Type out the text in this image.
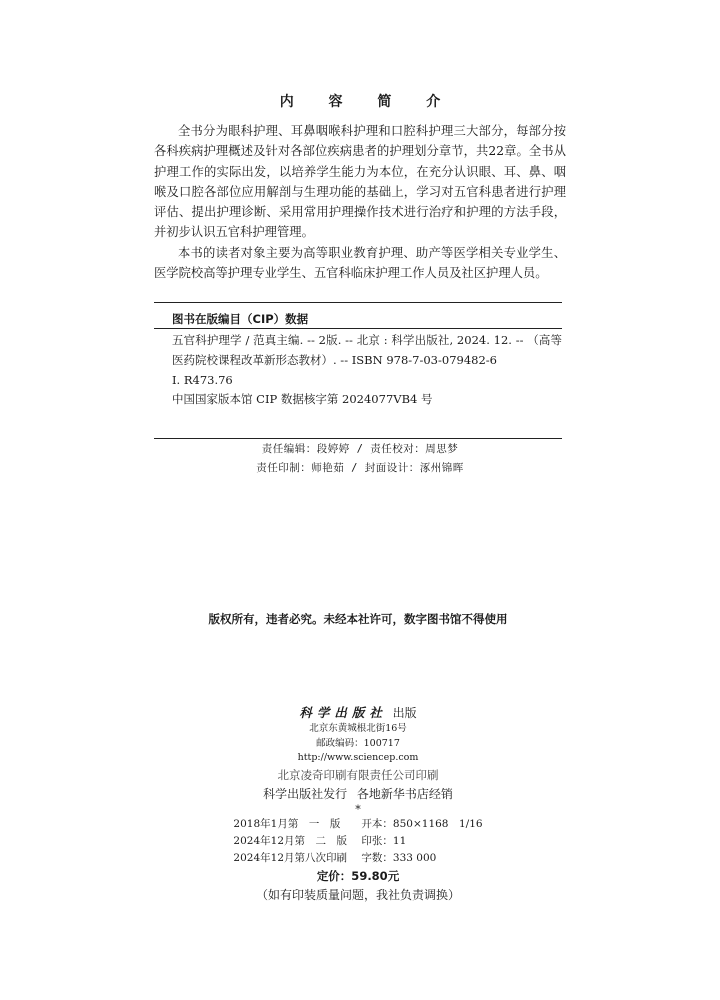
内 容 简 介

全书分为眼科护理、耳鼻咽喉科护理和口腔科护理三大部分，每部分按各科疾病护理概述及针对各部位疾病患者的护理划分章节，共22章。全书从护理工作的实际出发，以培养学生能力为本位，在充分认识眼、耳、鼻、咽喉及口腔各部位应用解剖与生理功能的基础上，学习对五官科患者进行护理评估、提出护理诊断、采用常用护理操作技术进行治疗和护理的方法手段，并初步认识五官科护理管理。

本书的读者对象主要为高等职业教育护理、助产等医学相关专业学生、医学院校高等护理专业学生、五官科临床护理工作人员及社区护理人员。

图书在版编目（CIP）数据

五官科护理学 / 范真主编. -- 2版. -- 北京 : 科学出版社, 2024. 12. -- （高等医药院校课程改革新形态教材）. -- ISBN 978-7-03-079482-6

Ⅰ. R473.76

中国国家版本馆 CIP 数据核字第 2024077VB4 号

责任编辑：段婷婷 / 责任校对：周思梦
责任印制：师艳茹 / 封面设计：涿州锦晖
版权所有，违者必究。未经本社许可，数字图书馆不得使用
科学出版社 出版
北京东黄城根北街16号
邮政编码：100717
http://www.sciencep.com
北京凌奇印刷有限责任公司印刷
科学出版社发行 各地新华书店经销
*
2018年1月第　一　版 开本：850×1168　1/16
2024年12月第　二　版 印张：11
2024年12月第八次印刷 字数：333 000
定价：59.80元
（如有印装质量问题，我社负责调换）
